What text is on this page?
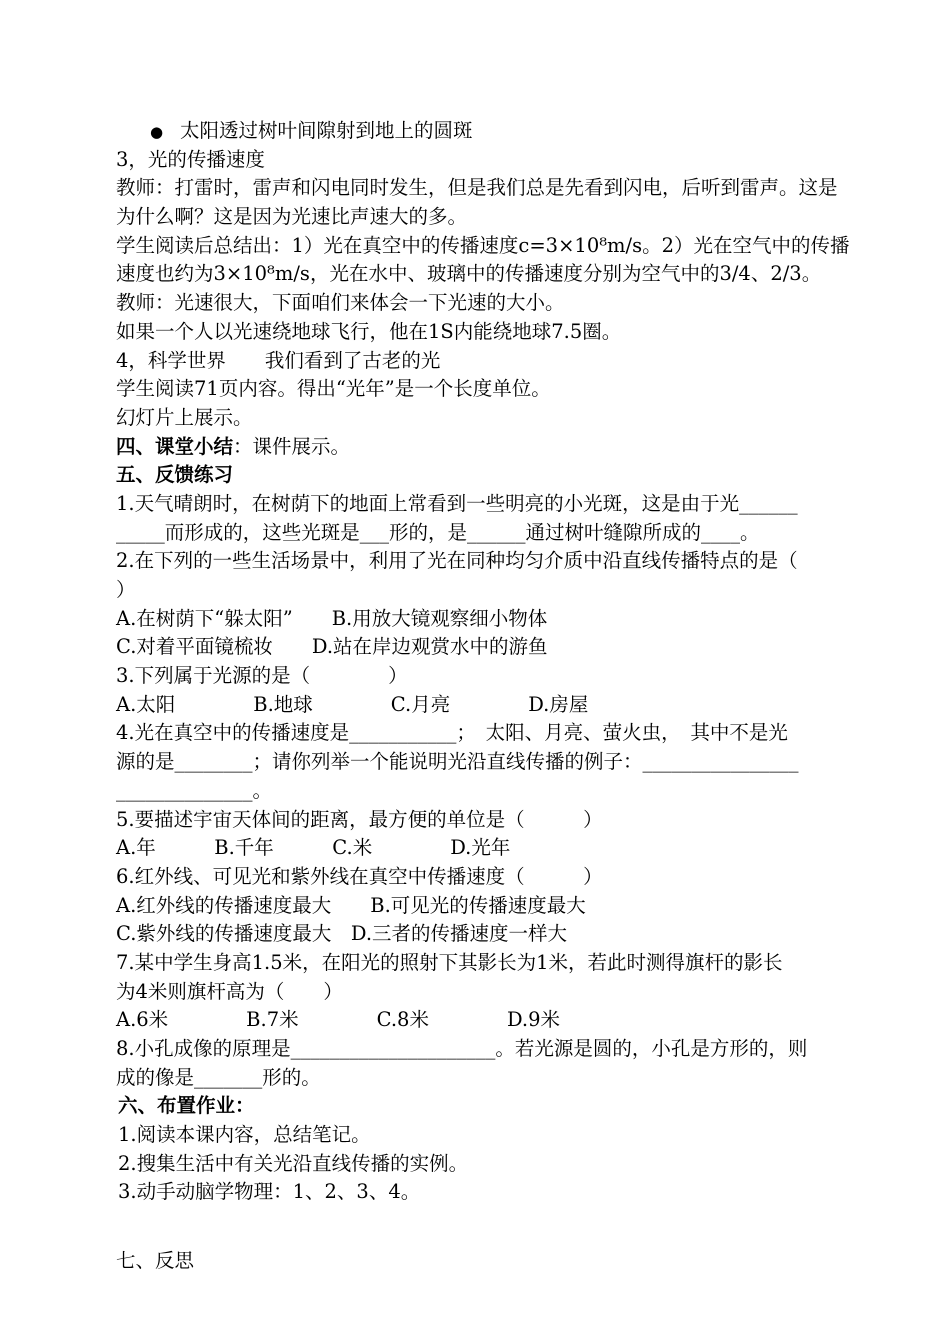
● 太阳透过树叶间隙射到地上的圆斑
3，光的传播速度
教师：打雷时，雷声和闪电同时发生，但是我们总是先看到闪电，后听到雷声。这是
为什么啊？这是因为光速比声速大的多。
学生阅读后总结出：1）光在真空中的传播速度c=3×10⁸m/s。2）光在空气中的传播
速度也约为3×10⁸m/s，光在水中、玻璃中的传播速度分别为空气中的3/4、2/3。
教师：光速很大，下面咱们来体会一下光速的大小。
如果一个人以光速绕地球飞行，他在1S内能绕地球7.5圈。
4，科学世界　　我们看到了古老的光
学生阅读71页内容。得出“光年”是一个长度单位。
幻灯片上展示。
四、课堂小结：课件展示。
五、反馈练习
1.天气晴朗时，在树荫下的地面上常看到一些明亮的小光斑，这是由于光______
_____而形成的，这些光斑是___形的，是______通过树叶缝隙所成的____。
2.在下列的一些生活场景中，利用了光在同种均匀介质中沿直线传播特点的是（
）
A.在树荫下“躲太阳”　　B.用放大镜观察细小物体
C.对着平面镜梳妆　　D.站在岸边观赏水中的游鱼
3.下列属于光源的是（　　　　）
A.太阳　　　　B.地球　　　　C.月亮　　　　D.房屋
4.光在真空中的传播速度是___________；　太阳、月亮、萤火虫，　其中不是光
源的是________；请你列举一个能说明光沿直线传播的例子：________________
______________。
5.要描述宇宙天体间的距离，最方便的单位是（　　　）
A.年　　　B.千年　　　C.米　　　　D.光年
6.红外线、可见光和紫外线在真空中传播速度（　　　）
A.红外线的传播速度最大　　B.可见光的传播速度最大
C.紫外线的传播速度最大　D.三者的传播速度一样大
7.某中学生身高1.5米，在阳光的照射下其影长为1米，若此时测得旗杆的影长
为4米则旗杆高为（　　）
A.6米　　　　B.7米　　　　C.8米　　　　D.9米
8.小孔成像的原理是_____________________。若光源是圆的，小孔是方形的，则
成的像是_______形的。
六、布置作业：
1.阅读本课内容，总结笔记。
2.搜集生活中有关光沿直线传播的实例。
3.动手动脑学物理：1、2、3、4。
七、反思
